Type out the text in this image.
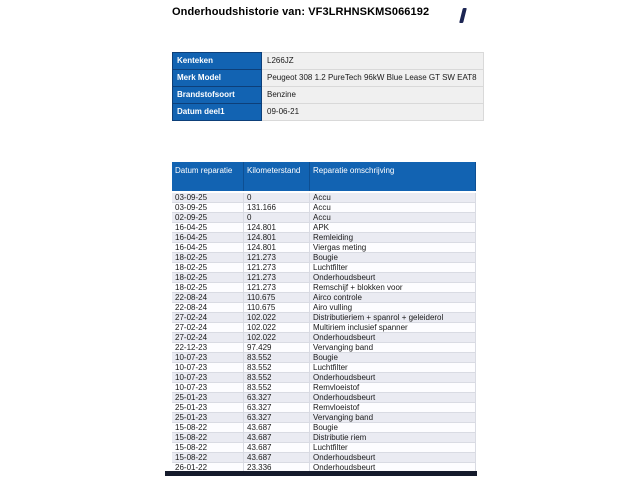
Onderhoudshistorie van: VF3LRHNSKMS066192
Kenteken	L266JZ
Merk Model	Peugeot 308 1.2 PureTech 96kW Blue Lease GT SW EAT8
Brandstofsoort	Benzine
Datum deel1	09-06-21
Datum reparatie	Kilometerstand	Reparatie omschrijving
03-09-25	0	Accu
03-09-25	131.166	Accu
02-09-25	0	Accu
16-04-25	124.801	APK
16-04-25	124.801	Remleiding
16-04-25	124.801	Viergas meting
18-02-25	121.273	Bougie
18-02-25	121.273	Luchtfilter
18-02-25	121.273	Onderhoudsbeurt
18-02-25	121.273	Remschijf + blokken voor
22-08-24	110.675	Airco controle
22-08-24	110.675	Airo vulling
27-02-24	102.022	Distributieriem + spanrol + geleiderol
27-02-24	102.022	Multiriem inclusief spanner
27-02-24	102.022	Onderhoudsbeurt
22-12-23	97.429	Vervanging band
10-07-23	83.552	Bougie
10-07-23	83.552	Luchtfilter
10-07-23	83.552	Onderhoudsbeurt
10-07-23	83.552	Remvloeistof
25-01-23	63.327	Onderhoudsbeurt
25-01-23	63.327	Remvloeistof
25-01-23	63.327	Vervanging band
15-08-22	43.687	Bougie
15-08-22	43.687	Distributie riem
15-08-22	43.687	Luchtfilter
15-08-22	43.687	Onderhoudsbeurt
26-01-22	23.336	Onderhoudsbeurt
